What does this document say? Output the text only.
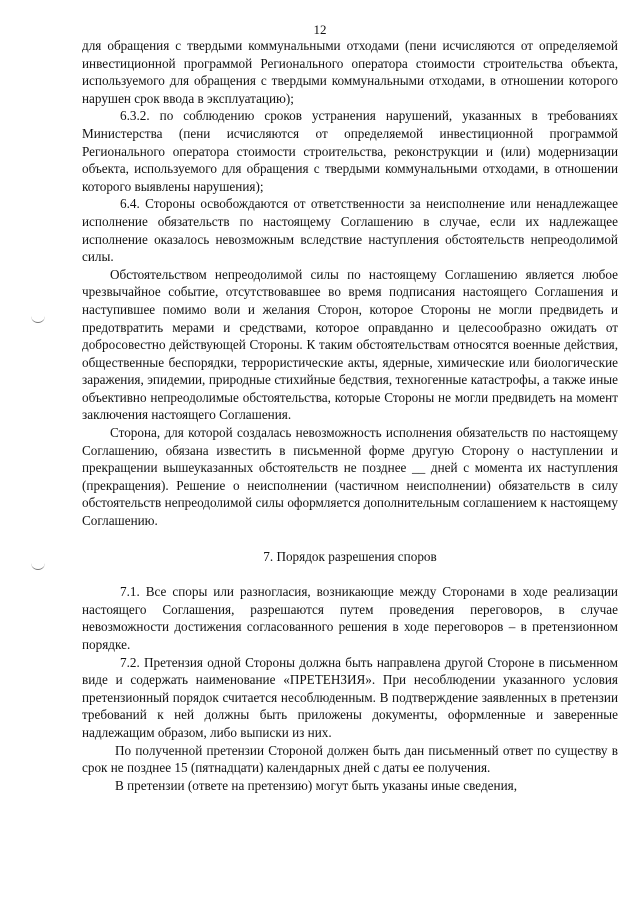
12

для обращения с твердыми коммунальными отходами (пени исчисляются от определяемой инвестиционной программой Регионального оператора стоимости строительства объекта, используемого для обращения с твердыми коммунальными отходами, в отношении которого нарушен срок ввода в эксплуатацию);

6.3.2. по соблюдению сроков устранения нарушений, указанных в требованиях Министерства (пени исчисляются от определяемой инвестиционной программой Регионального оператора стоимости строительства, реконструкции и (или) модернизации объекта, используемого для обращения с твердыми коммунальными отходами, в отношении которого выявлены нарушения);

6.4. Стороны освобождаются от ответственности за неисполнение или ненадлежащее исполнение обязательств по настоящему Соглашению в случае, если их надлежащее исполнение оказалось невозможным вследствие наступления обстоятельств непреодолимой силы.

Обстоятельством непреодолимой силы по настоящему Соглашению является любое чрезвычайное событие, отсутствовавшее во время подписания настоящего Соглашения и наступившее помимо воли и желания Сторон, которое Стороны не могли предвидеть и предотвратить мерами и средствами, которое оправданно и целесообразно ожидать от добросовестно действующей Стороны. К таким обстоятельствам относятся военные действия, общественные беспорядки, террористические акты, ядерные, химические или биологические заражения, эпидемии, природные стихийные бедствия, техногенные катастрофы, а также иные объективно непреодолимые обстоятельства, которые Стороны не могли предвидеть на момент заключения настоящего Соглашения.

Сторона, для которой создалась невозможность исполнения обязательств по настоящему Соглашению, обязана известить в письменной форме другую Сторону о наступлении и прекращении вышеуказанных обстоятельств не позднее __ дней с момента их наступления (прекращения). Решение о неисполнении (частичном неисполнении) обязательств в силу обстоятельств непреодолимой силы оформляется дополнительным соглашением к настоящему Соглашению.

7. Порядок разрешения споров

7.1. Все споры или разногласия, возникающие между Сторонами в ходе реализации настоящего Соглашения, разрешаются путем проведения переговоров, в случае невозможности достижения согласованного решения в ходе переговоров – в претензионном порядке.

7.2. Претензия одной Стороны должна быть направлена другой Стороне в письменном виде и содержать наименование «ПРЕТЕНЗИЯ». При несоблюдении указанного условия претензионный порядок считается несоблюденным. В подтверждение заявленных в претензии требований к ней должны быть приложены документы, оформленные и заверенные надлежащим образом, либо выписки из них.

По полученной претензии Стороной должен быть дан письменный ответ по существу в срок не позднее 15 (пятнадцати) календарных дней с даты ее получения.

В претензии (ответе на претензию) могут быть указаны иные сведения,
